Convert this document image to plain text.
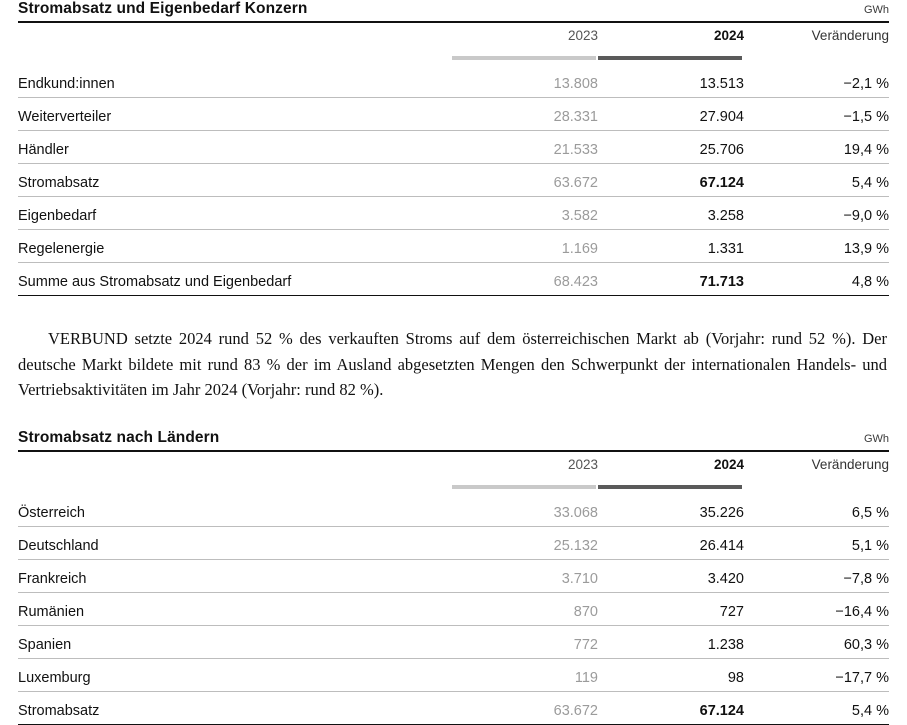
Stromabsatz und Eigenbedarf Konzern	GWh
	2023	2024	Veränderung

Endkund:innen	13.808	13.513	−2,1 %
Weiterverteiler	28.331	27.904	−1,5 %
Händler	21.533	25.706	19,4 %
Stromabsatz	63.672	67.124	5,4 %
Eigenbedarf	3.582	3.258	−9,0 %
Regelenergie	1.169	1.331	13,9 %
Summe aus Stromabsatz und Eigenbedarf	68.423	71.713	4,8 %

VERBUND setzte 2024 rund 52 % des verkauften Stroms auf dem österreichischen Markt ab (Vorjahr: rund 52 %). Der deutsche Markt bildete mit rund 83 % der im Ausland abgesetzten Mengen den Schwerpunkt der internationalen Handels- und Vertriebsaktivitäten im Jahr 2024 (Vorjahr: rund 82 %).

Stromabsatz nach Ländern	GWh
	2023	2024	Veränderung

Österreich	33.068	35.226	6,5 %
Deutschland	25.132	26.414	5,1 %
Frankreich	3.710	3.420	−7,8 %
Rumänien	870	727	−16,4 %
Spanien	772	1.238	60,3 %
Luxemburg	119	98	−17,7 %
Stromabsatz	63.672	67.124	5,4 %
